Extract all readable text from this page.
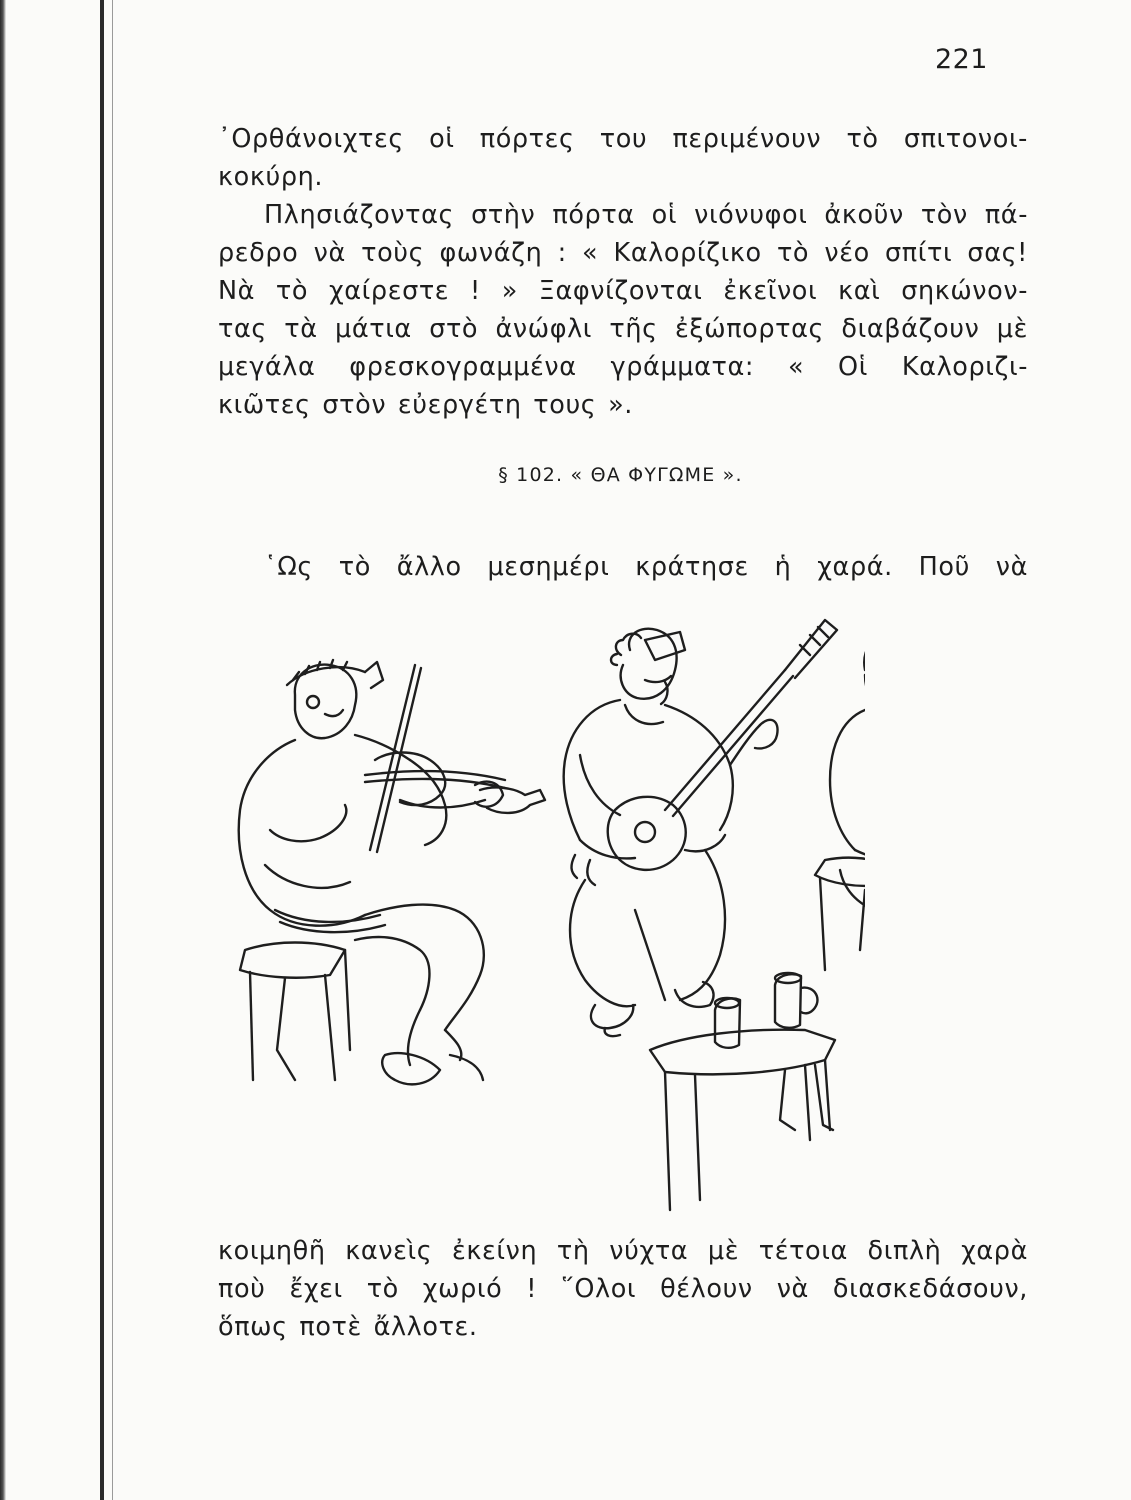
221

᾿Ορθάνοιχτες οἱ πόρτες του περιμένουν τὸ σπιτονοι-

κοκύρη.

Πλησιάζοντας στὴν πόρτα οἱ νιόνυφοι ἀκοῦν τὸν πά-

ρεδρο νὰ τοὺς φωνάζη : « Καλορίζικο τὸ νέο σπίτι σας!

Νὰ τὸ χαίρεστε ! » Ξαφνίζονται ἐκεῖνοι καὶ σηκώνον-

τας τὰ μάτια στὸ ἀνώφλι τῆς ἐξώπορτας διαβάζουν μὲ

μεγάλα φρεσκογραμμένα γράμματα: « Οἱ Καλοριζι-

κιῶτες στὸν εὐεργέτη τους ».

§ 102. « ΘΑ ΦΥΓΩΜΕ ».

῾Ως τὸ ἄλλο μεσημέρι κράτησε ἡ χαρά. Ποῦ νὰ

κοιμηθῆ κανεὶς ἐκείνη τὴ νύχτα μὲ τέτοια διπλὴ χαρὰ

ποὺ ἔχει τὸ χωριό ! ῞Ολοι θέλουν νὰ διασκεδάσουν,

ὅπως ποτὲ ἄλλοτε.
